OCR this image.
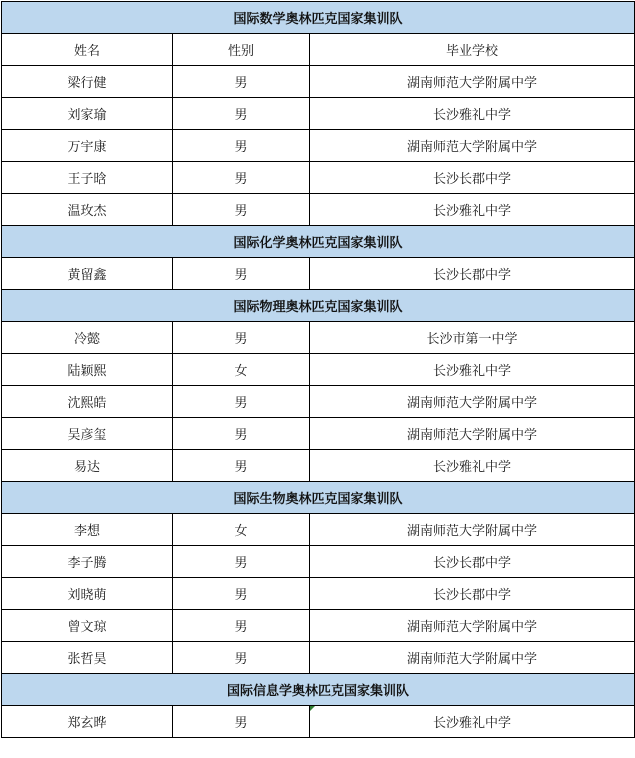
国际数学奥林匹克国家集训队		
姓名	性别	毕业学校
梁行健	男	湖南师范大学附属中学
刘家瑜	男	长沙雅礼中学
万宇康	男	湖南师范大学附属中学
王子晗	男	长沙长郡中学
温玫杰	男	长沙雅礼中学
国际化学奥林匹克国家集训队		
黄留鑫	男	长沙长郡中学
国际物理奥林匹克国家集训队		
冷懿	男	长沙市第一中学
陆颖熙	女	长沙雅礼中学
沈熙皓	男	湖南师范大学附属中学
吴彦玺	男	湖南师范大学附属中学
易达	男	长沙雅礼中学
国际生物奥林匹克国家集训队		
李想	女	湖南师范大学附属中学
李子腾	男	长沙长郡中学
刘晓萌	男	长沙长郡中学
曾文琼	男	湖南师范大学附属中学
张哲昊	男	湖南师范大学附属中学
国际信息学奥林匹克国家集训队		
郑玄晔	男	长沙雅礼中学
